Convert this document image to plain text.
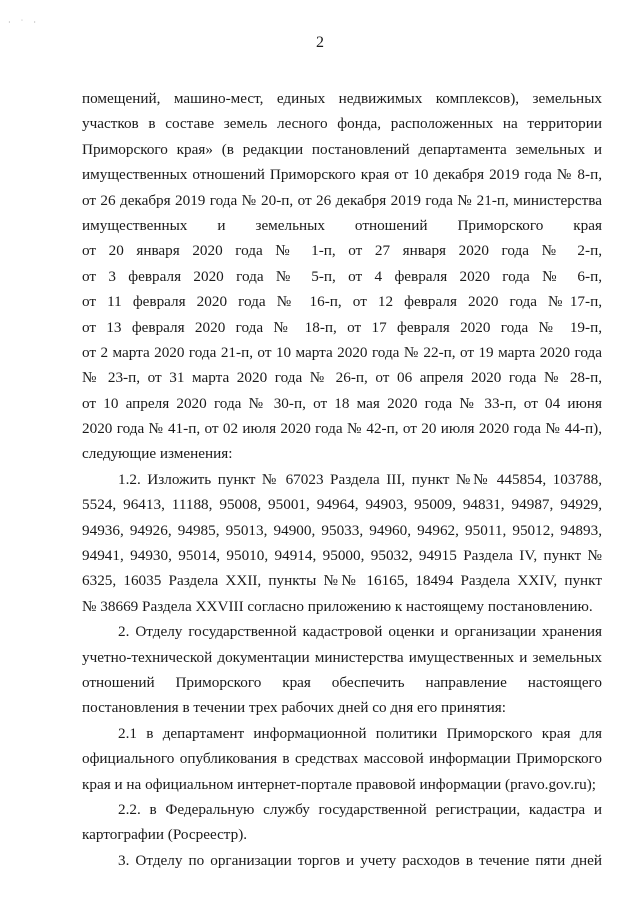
· ˙ ·
2
помещений, машино-мест, единых недвижимых комплексов), земельных
участков в составе земель лесного фонда, расположенных на территории
Приморского края» (в редакции постановлений департамента земельных и
имущественных отношений Приморского края от 10 декабря 2019 года № 8-п,
от 26 декабря 2019 года № 20-п, от 26 декабря 2019 года № 21-п, министерства
имущественных и земельных отношений Приморского края
от 20 января 2020 года № 1-п, от 27 января 2020 года № 2-п,
от 3 февраля 2020 года № 5-п, от 4 февраля 2020 года № 6-п,
от 11 февраля 2020 года № 16-п, от 12 февраля 2020 года №17-п,
от 13 февраля 2020 года № 18-п, от 17 февраля 2020 года № 19-п,
от 2 марта 2020 года 21-п, от 10 марта 2020 года № 22-п, от 19 марта 2020 года
№ 23-п, от 31 марта 2020 года № 26-п, от 06 апреля 2020 года № 28-п,
от 10 апреля 2020 года № 30-п, от 18 мая 2020 года № 33-п, от 04 июня
2020 года № 41-п, от 02 июля 2020 года № 42-п, от 20 июля 2020 года № 44-п),
следующие изменения:
1.2. Изложить пункт № 67023 Раздела III, пункт №№ 445854, 103788,
5524, 96413, 11188, 95008, 95001, 94964, 94903, 95009, 94831, 94987, 94929,
94936, 94926, 94985, 95013, 94900, 95033, 94960, 94962, 95011, 95012, 94893,
94941, 94930, 95014, 95010, 94914, 95000, 95032, 94915 Раздела IV, пункт №
6325, 16035 Раздела XXII, пункты №№ 16165, 18494 Раздела XXIV, пункт
№ 38669 Раздела XXVIII согласно приложению к настоящему постановлению.
2. Отделу государственной кадастровой оценки и организации хранения
учетно-технической документации министерства имущественных и земельных
отношений Приморского края обеспечить направление настоящего
постановления в течении трех рабочих дней со дня его принятия:
2.1 в департамент информационной политики Приморского края для
официального опубликования в средствах массовой информации Приморского
края и на официальном интернет-портале правовой информации (pravo.gov.ru);
2.2. в Федеральную службу государственной регистрации, кадастра и
картографии (Росреестр).
3. Отделу по организации торгов и учету расходов в течение пяти дней
